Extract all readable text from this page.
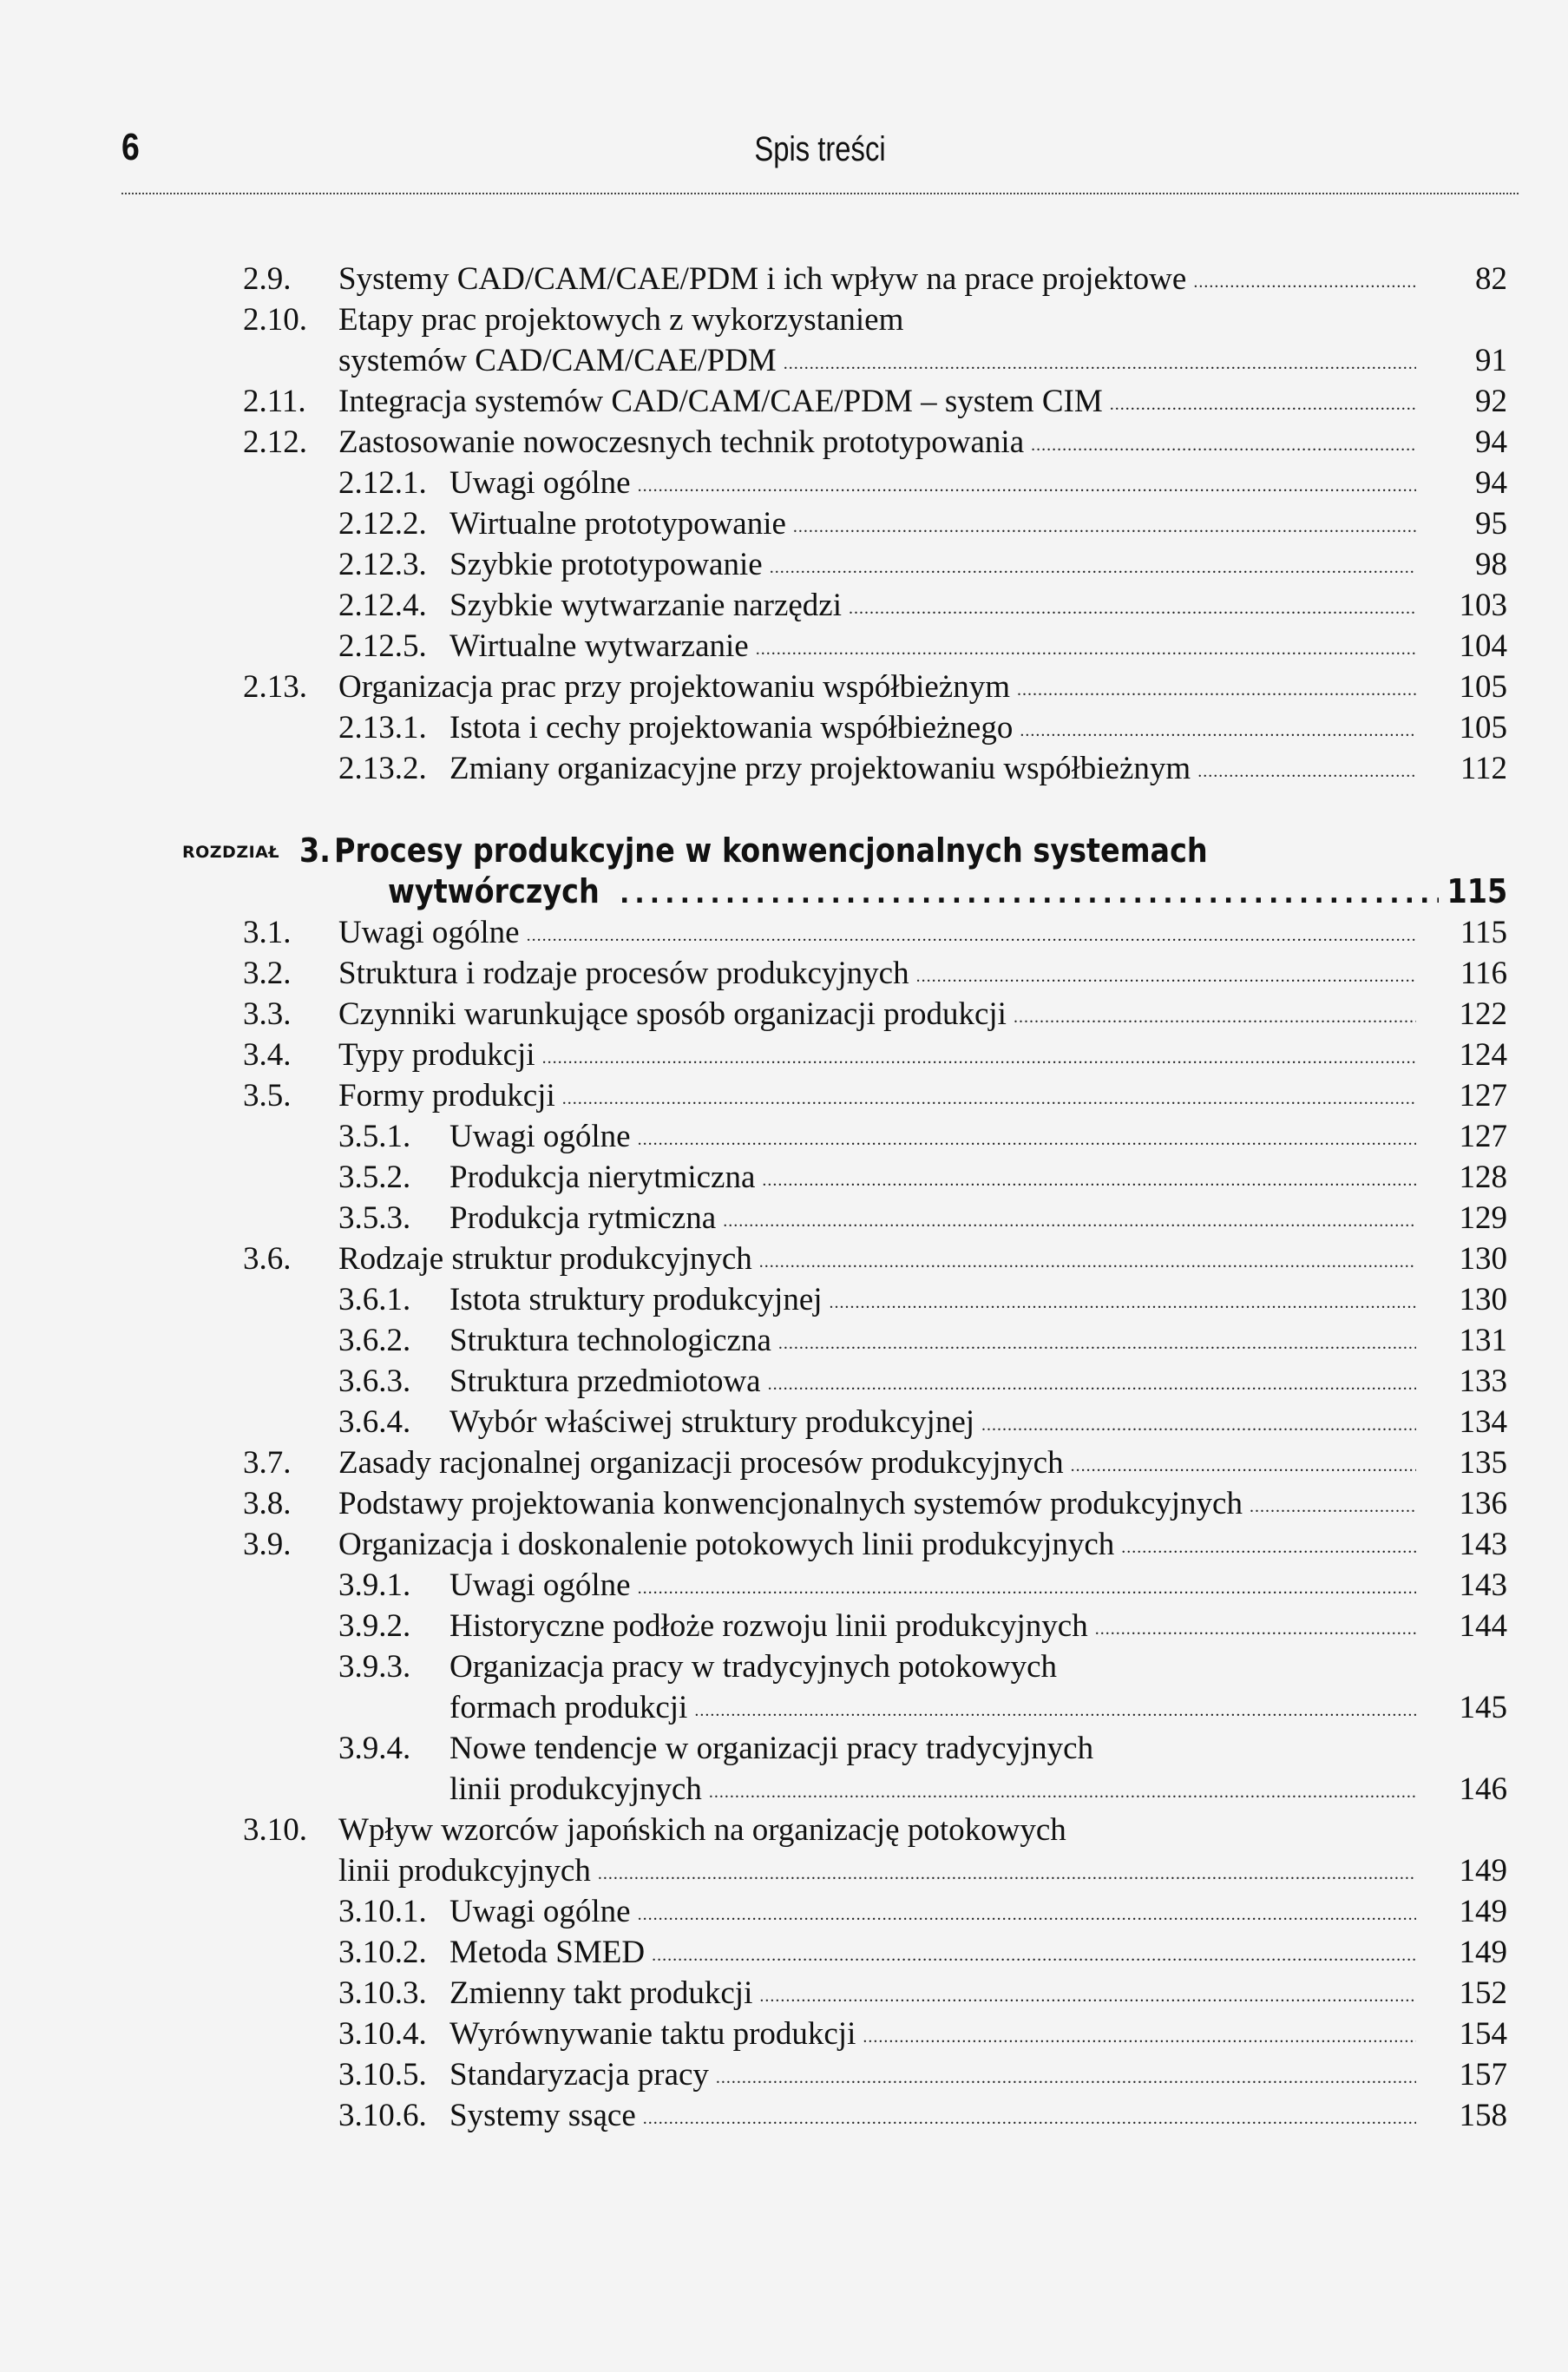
6	Spis treści
2.9. Systemy CAD/CAM/CAE/PDM i ich wpływ na prace projektowe .....	82
2.10. Etapy prac projektowych z wykorzystaniem
systemów CAD/CAM/CAE/PDM .....	91
2.11. Integracja systemów CAD/CAM/CAE/PDM – system CIM .....	92
2.12. Zastosowanie nowoczesnych technik prototypowania .....	94
2.12.1. Uwagi ogólne .....	94
2.12.2. Wirtualne prototypowanie .....	95
2.12.3. Szybkie prototypowanie .....	98
2.12.4. Szybkie wytwarzanie narzędzi .....	103
2.12.5. Wirtualne wytwarzanie .....	104
2.13. Organizacja prac przy projektowaniu współbieżnym .....	105
2.13.1. Istota i cechy projektowania współbieżnego .....	105
2.13.2. Zmiany organizacyjne przy projektowaniu współbieżnym .....	112
ROZDZIAŁ 3. Procesy produkcyjne w konwencjonalnych systemach
wytwórczych .....	115
3.1. Uwagi ogólne .....	115
3.2. Struktura i rodzaje procesów produkcyjnych .....	116
3.3. Czynniki warunkujące sposób organizacji produkcji .....	122
3.4. Typy produkcji .....	124
3.5. Formy produkcji .....	127
3.5.1. Uwagi ogólne .....	127
3.5.2. Produkcja nierytmiczna .....	128
3.5.3. Produkcja rytmiczna .....	129
3.6. Rodzaje struktur produkcyjnych .....	130
3.6.1. Istota struktury produkcyjnej .....	130
3.6.2. Struktura technologiczna .....	131
3.6.3. Struktura przedmiotowa .....	133
3.6.4. Wybór właściwej struktury produkcyjnej .....	134
3.7. Zasady racjonalnej organizacji procesów produkcyjnych .....	135
3.8. Podstawy projektowania konwencjonalnych systemów produkcyjnych .....	136
3.9. Organizacja i doskonalenie potokowych linii produkcyjnych .....	143
3.9.1. Uwagi ogólne .....	143
3.9.2. Historyczne podłoże rozwoju linii produkcyjnych .....	144
3.9.3. Organizacja pracy w tradycyjnych potokowych
formach produkcji .....	145
3.9.4. Nowe tendencje w organizacji pracy tradycyjnych
linii produkcyjnych .....	146
3.10. Wpływ wzorców japońskich na organizację potokowych
linii produkcyjnych .....	149
3.10.1. Uwagi ogólne .....	149
3.10.2. Metoda SMED .....	149
3.10.3. Zmienny takt produkcji .....	152
3.10.4. Wyrównywanie taktu produkcji .....	154
3.10.5. Standaryzacja pracy .....	157
3.10.6. Systemy ssące .....	158
